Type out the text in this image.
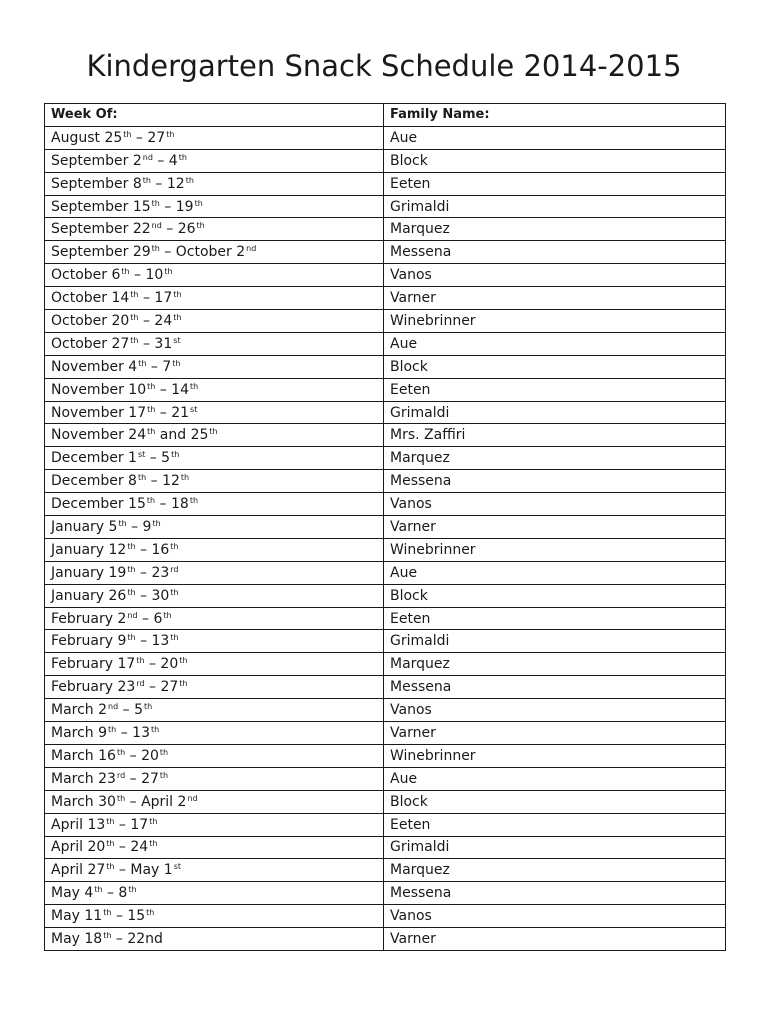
Kindergarten Snack Schedule 2014-2015
Week Of:	Family Name:
August 25th – 27th	Aue
September 2nd – 4th	Block
September 8th – 12th	Eeten
September 15th – 19th	Grimaldi
September 22nd – 26th	Marquez
September 29th – October 2nd	Messena
October 6th – 10th	Vanos
October 14th – 17th	Varner
October 20th – 24th	Winebrinner
October 27th – 31st	Aue
November 4th – 7th	Block
November 10th – 14th	Eeten
November 17th – 21st	Grimaldi
November 24th and 25th	Mrs. Zaffiri
December 1st – 5th	Marquez
December 8th – 12th	Messena
December 15th – 18th	Vanos
January 5th – 9th	Varner
January 12th – 16th	Winebrinner
January 19th – 23rd	Aue
January 26th – 30th	Block
February 2nd – 6th	Eeten
February 9th – 13th	Grimaldi
February 17th – 20th	Marquez
February 23rd – 27th	Messena
March 2nd – 5th	Vanos
March 9th – 13th	Varner
March 16th – 20th	Winebrinner
March 23rd – 27th	Aue
March 30th – April 2nd	Block
April 13th – 17th	Eeten
April 20th – 24th	Grimaldi
April 27th – May 1st	Marquez
May 4th – 8th	Messena
May 11th – 15th	Vanos
May 18th – 22nd	Varner
